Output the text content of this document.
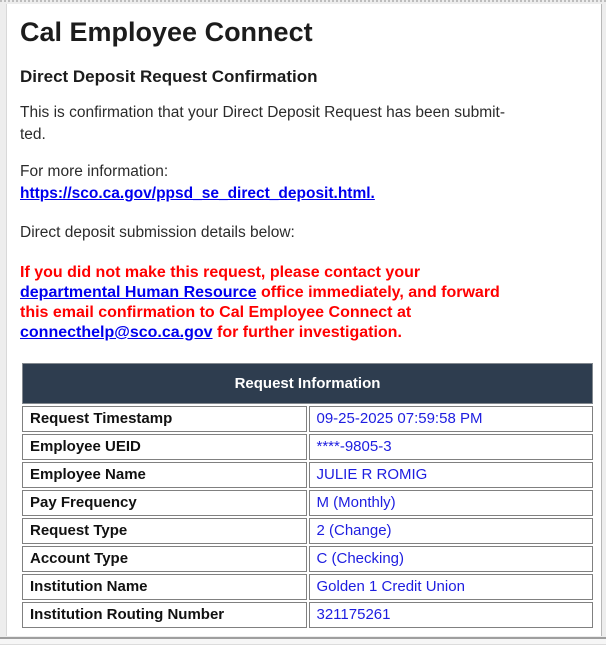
Cal Employee Connect
Direct Deposit Request Confirmation

This is confirmation that your Direct Deposit Request has been submit-
ted.

For more information:
https://sco.ca.gov/ppsd_se_direct_deposit.html.

Direct deposit submission details below:

If you did not make this request, please contact your
departmental Human Resource office immediately, and forward
this email confirmation to Cal Employee Connect at
connecthelp@sco.ca.gov for further investigation.

Request Information	
Request Timestamp	09-25-2025 07:59:58 PM
Employee UEID	****-9805-3
Employee Name	JULIE R ROMIG
Pay Frequency	M (Monthly)
Request Type	2 (Change)
Account Type	C (Checking)
Institution Name	Golden 1 Credit Union
Institution Routing Number	321175261
